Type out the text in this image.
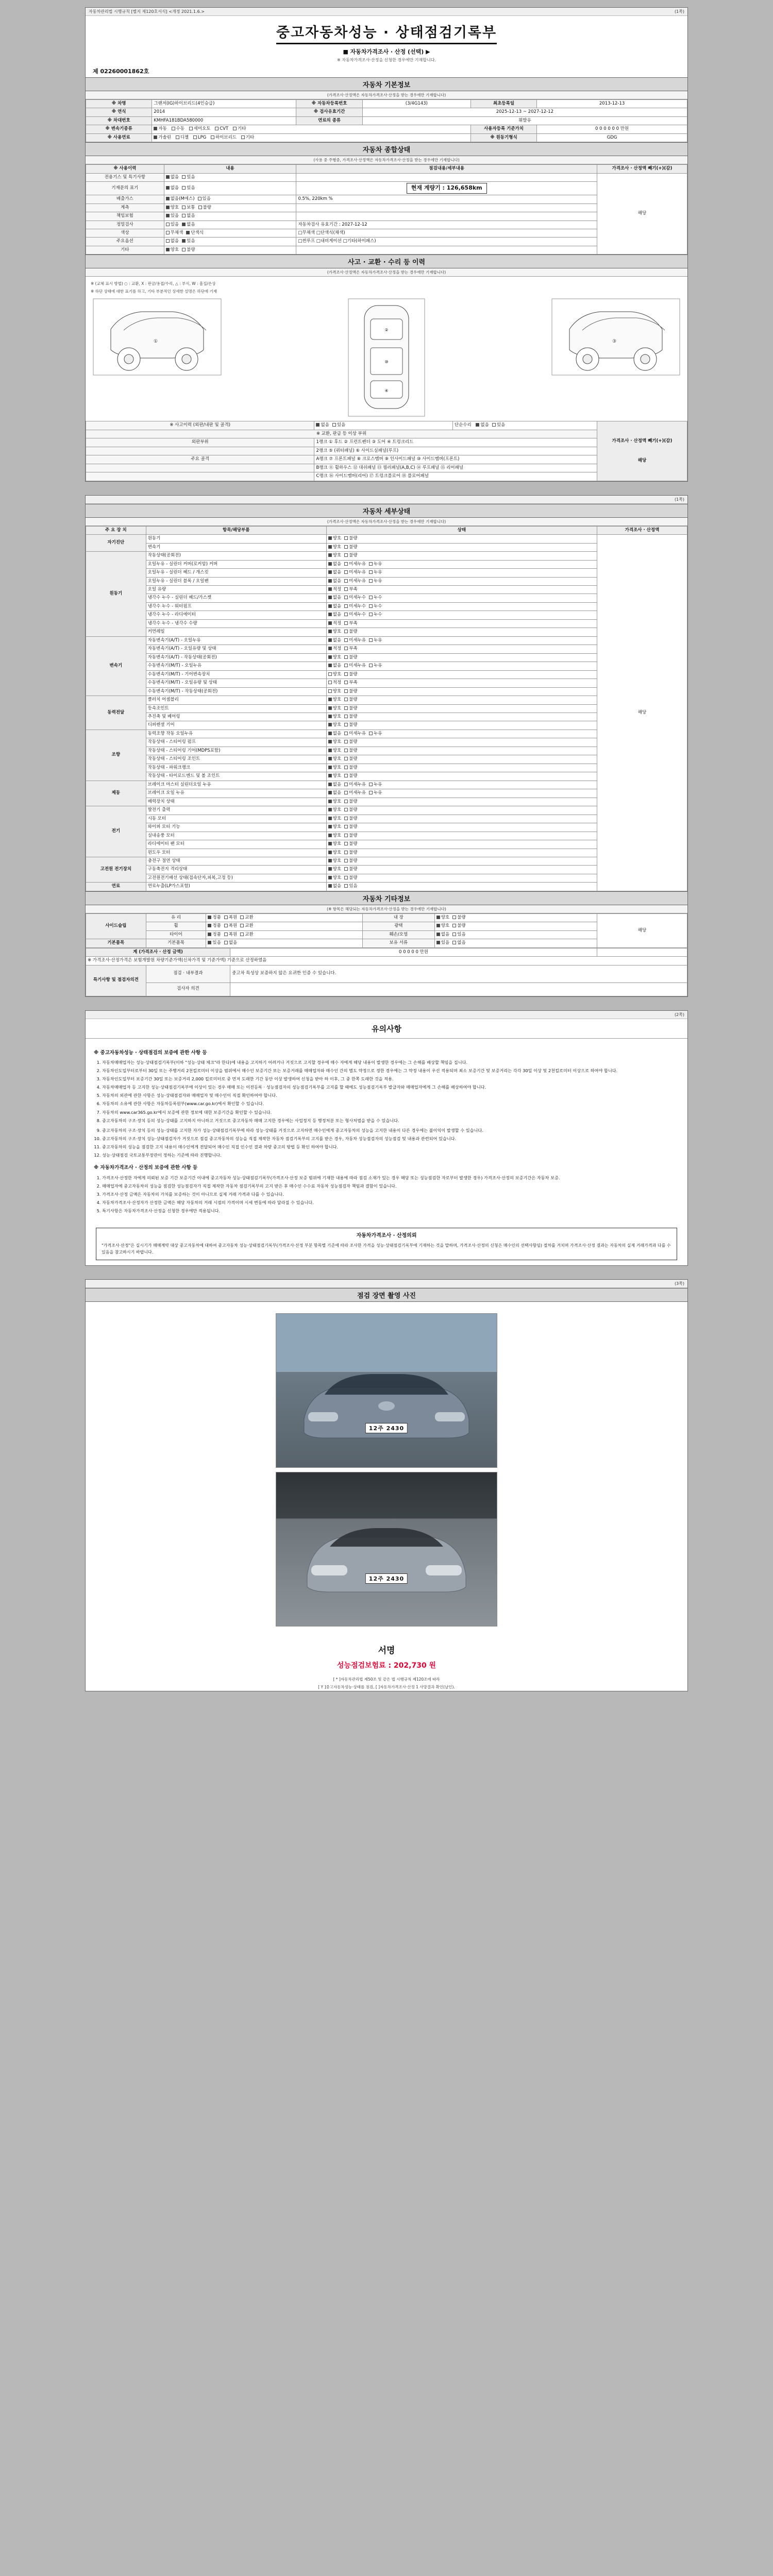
자동차관리법 시행규칙 [별지 제120호서식] <개정 2021.1.6.>	(1쪽)
중고자동차성능 · 상태점검기록부
■ 자동차가격조사 · 산정 (선택) ▶
※ 자동차가격조사·산정을 신청한 경우에만 기재합니다.
제 02260001862호
자동차 기본정보
(가격조사·산정액은 자동차가격조사·산정을 받는 경우에만 기재합니다)
※ 차명	그랜저(IG)하이브리드(4인승급)	※ 자동차등록번호	(3/4G143)	최초등록일	2013-12-13
※ 연식	2014	※ 검사유효기간	2025-12-13 ~ 2027-12-12		
※ 차대번호	KMHFA181BDA580000	연료의 종류	휘발유		
※ 변속기종류	자동 수동 세미오토 CVT 기타			사용자등록 기준가치	0 0 0 0 0 0 만원
※ 사용연료	가솔린 디젤 LPG 하이브리드 기타			※ 원동기형식	GDG
자동차 종합상태
(사용 중 주행중, 가격조사·산정액은 자동차가격조사·산정을 받는 경우에만 기재합니다)
※ 사용이력	내용	점검내용/세부내용	가격조사 · 산정액 빼기(+)(감)
전용기스 및 특기사항	없음 있음		해당
기재문의 표기	없음 있음	현재 계량기 : 126,658km	
배출가스	없음(M에스) 있음	0.5%, 220km %	
계측	양호 보통 불량		
책임보험	있음 없음		
정밀검사	있음 없음	자동차검사 유효기간 : 2027-12-12	
색상	무채색 단색식	□무채색 □단색식(채색)	
주요옵션	없음 있음	□썬루프 □내비게이션 □기타(하이패스)	
기타	양호 불량		
사고 · 교환 · 수리 등 이력
(가격조사·산정액은 자동차가격조사·산정을 받는 경우에만 기재합니다)
※ (교체 표시 방법) ○ : 교환, X : 판금/용접/수리, △ : 부식, W : 흠집/손상
※ 하단 상태에 대한 표기를 하고, 기타 부분적인 상세한 설명은 하단에 기재
①
②
⑩
④
③
※ 사고이력 (외판/내판 및 골격)	없음 있음	단순수리 없음 있음	가격조사 · 산정액 빼기(+)(감)
해당

※ 교환, 판금 등 이상 부위			
외판부위	1랭크 ① 후드 ② 프런트펜더 ③ 도어 ④ 트렁크리드		
	2랭크 ⑤ (쿼터패널) ⑥ 사이드실패널(루프)		
주요 골격	A랭크 ⑦ 프론트패널 ⑧ 크로스멤버 ⑨ 인사이드패널 ⑩ 사이드멤버(프론트)		
	B랭크 ⑪ 휠하우스 ⑫ 대쉬패널 ⑬ 필러패널(A,B,C) ⑭ 루프패널 ⑮ 리어패널		
	C랭크 ⑯ 사이드멤버(리어) ⑰ 트렁크플로어 ⑱ 플로어패널		
(1쪽)
자동차 세부상태
(가격조사·산정액은 자동차가격조사·산정을 받는 경우에만 기재합니다)
주 요 장 치	항목/해당부품	상태	가격조사 · 산정액
자기진단	원동기	양호 불량	해당
	변속기	양호 불량	
원동기	작동상태(공회전)	양호 불량	
	오일누유 - 실린더 커버(로커암) 커버	없음 미세누유 누유	
	오일누유 - 실린더 헤드 / 개스킷	없음 미세누유 누유	
	오일누유 - 실린더 블록 / 오일팬	없음 미세누유 누유	
	오일 유량	적정 부족	
	냉각수 누수 - 실린더 헤드/가스켓	없음 미세누수 누수	
	냉각수 누수 - 워터펌프	없음 미세누수 누수	
	냉각수 누수 - 라디에이터	없음 미세누수 누수	
	냉각수 누수 - 냉각수 수량	적정 부족	
	커먼레일	양호 불량	
변속기	자동변속기(A/T) - 오일누유	없음 미세누유 누유	
	자동변속기(A/T) - 오일유량 및 상태	적정 부족	
	자동변속기(A/T) - 작동상태(공회전)	양호 불량	
	수동변속기(M/T) - 오일누유	없음 미세누유 누유	
	수동변속기(M/T) - 기어변속장치	양호 불량	
	수동변속기(M/T) - 오일유량 및 상태	적정 부족	
	수동변속기(M/T) - 작동상태(공회전)	양호 불량	
동력전달	클러치 어셈블리	양호 불량	
	등속조인트	양호 불량	
	추진축 및 베어링	양호 불량	
	디퍼렌셜 기어	양호 불량	
조향	동력조향 작동 오일누유	없음 미세누유 누유	
	작동상태 - 스티어링 펌프	양호 불량	
	작동상태 - 스티어링 기어(MDPS포함)	양호 불량	
	작동상태 - 스티어링 조인트	양호 불량	
	작동상태 - 파워크랭크	양호 불량	
	작동상태 - 타이로드엔드 및 볼 조인트	양호 불량	
제동	브레이크 마스터 실린더오일 누유	없음 미세누유 누유	
	브레이크 오일 누유	없음 미세누유 누유	
	배력장치 상태	양호 불량	
전기	발전기 출력	양호 불량	
	시동 모터	양호 불량	
	와이퍼 모터 기능	양호 불량	
	실내송풍 모터	양호 불량	
	라디에이터 팬 모터	양호 불량	
	윈도우 모터	양호 불량	
고전원 전기장치	충전구 절연 상태	양호 불량	
	구동축전지 격리상태	양호 불량	
	고전원전기배선 상태(접속단자,피복,고정 등)	양호 불량	
연료	연료누출(LP가스포함)	없음 있음	
자동차 기타정보
(※ 항목은 해당되는 자동차가격조사·산정을 받는 경우에만 기재합니다)
사이드슬립	유 리	정품 복원 교환	내 장	양호 불량	해당
	휠	정품 복원 교환	광택	양호 불량	
	타이어	정품 복원 교환	훼손/오염	없음 있음	
기본품목	기본품목	있음 없음	보유 서류	있음 없음	
계 (가격조사 · 산정 금액)		0 0 0 0 0 만원	
※ 가격조사·산정가격은 보험개발원 차량기준가액(신차가격 및 기준가액) 기준으로 산정하였음			
특기사항 및 점검자의견	점검 · 내부결과	중고차 특성상 보증하지 않은 요귀한 인증 수 있습니다.	
	검사자 의견		
(2쪽)
유의사항
※ 중고자동차성능 · 상태점검의 보증에 관한 사항 등
1. 자동차매매업자는 성능·상태점검기록부(이하 "성능·상태 체크"라 한다)에 내용을 고지하기 어려거나 거짓으로 고지할 경우에 매수 자에게 해당 내용이 발생한 경우에는 그 손해를 배상할 책임을 집니다.
2. 자동차인도일부터로부터 30일 또는 주행거리 2천킬로미터 이상을 범위에서 매수인 보증기간 또는 보증거래를 매매업자와 매수인 간의 별도 약정으로 정한 경우에는 그 약정 내용이 우선 적용되며 최소 보증기간 및 보증거리는 각각 30일 이상 및 2천킬로미터 이상으로 하여야 합니다.
3. 자동차인도일부터 보증기간 30일 또는 보증거리 2,000 킬로미터로 중 먼저 도래한 기간 동안 이상 발생하여 신청을 받아 하 이후, 그 중 한쪽 도래한 것을 적용.
4. 자동차매매업자 등 고지한 성능·상태점검기록부에 이상이 있는 경우 매매 또는 이전등록 · 성능점검자의 성능점검기록부를 고지를 할 때에도 성능점검기록부 발급자와 매매업자에게 그 손해를 배상하여야 합니다.
5. 자동차의 외관에 관한 사항은 성능·상태점검자와 매매업자 및 매수인이 직접 확인하여야 합니다.
6. 자동차의 소유에 관한 사항은 자동차등록원부(www.car.go.kr)에서 확인할 수 있습니다.
7. 자동차의 www.car365.go.kr에서 보증에 관한 정보에 대한 보증기간을 확인할 수 있습니다.
8. 중고자동차의 구조·장치 등의 성능·상태를 고지하지 아니하고 거짓으로 중고자동차 매매 고지한 경우에는 사업정지 등 행정처분 또는 형사처벌을 받을 수 있습니다.
9. 중고자동차의 구조·장치 등의 성능·상태를 고지한 자가 성능·상태점검기록부에 따라 성능·상태를 거짓으로 고지하면 매수인에게 중고자동차의 성능을 고지한 내용이 다른 경우에는 불이익이 발생할 수 있습니다.
10. 중고자동차의 구조·장치 성능·상태점검자가 거짓으로 점검 중고자동차의 성능을 직접 제작한 자동차 점검기록부의 고지를 받은 경우, 자동차 성능점검자의 성능점검 및 내용과 관련되어 있습니다.
11. 중고자동차의 성능을 점검한 고지 내용이 매수인에게 전달되어 매수인 직접 인수인 결과 차량 중고의 방법 등 확인 하여야 합니다.
12. 성능·상태점검 국토교통부장관이 정하는 기준에 따라 진행합니다.
※ 자동차가격조사 · 산정의 보증에 관한 사항 등
1. 가격조사·산정한 자에게 의뢰된 보증 기간 보증기간 이내에 중고자동차 성능·상태점검기록부(가격조사·산정 보증 범위에 기재한 내용에 따라 점검 소재가 있는 경우 해당 또는 성능점검한 자로부터 발생한 경우) 가격조사·산정의 보증기간은 자동차 보증.
2. 매매업자에 중고자동차의 성능을 점검한 성능점검자가 직접 제작한 자동차 점검기록부의 고지 받은 후 매수인 수수료 자동차 성능점검자 책임과 결함이 있습니다.
3. 가격조사·산정 금액은 자동차의 가치를 보증하는 것이 아니므로 실제 거래 가격과 다를 수 있습니다.
4. 자동차가격조사·산정자가 산정한 금액은 해당 자동차의 거래 시점의 가격이며 시세 변동에 따라 달라질 수 있습니다.
5. 특기사항은 자동차가격조사·산정을 신청한 경우에만 적용됩니다.
자동차가격조사 · 산정의뢰
"가격조사·산정"은 실시기가 매매계약 대상 중고자동차에 대하여 중고자동차 성능·상태점검기록부(가격조사·산정 부분 항목별 기준에 따라 조사한 가격을 성능·상태점검기록부에 기재하는 것을 말하며, 가격조사·산정의 신청은 매수인의 선택사항임) 절차를 거치며 가격조사·산정 결과는 자동차의 실제 거래가격과 다를 수 있음을 참고하시기 바랍니다.
(3쪽)
점검 장면 촬영 사진
12주 2430
12주 2430
서명
성능점검보험료 : 202,730 원
[ * ]자동차관리법 제50조 및 같은 법 시행규칙 제120조에 따라
[ Y ]중고자동차성능·상태를 점검, [ ]자동차가격조사·산정 1 사망결과 확인(날인).
